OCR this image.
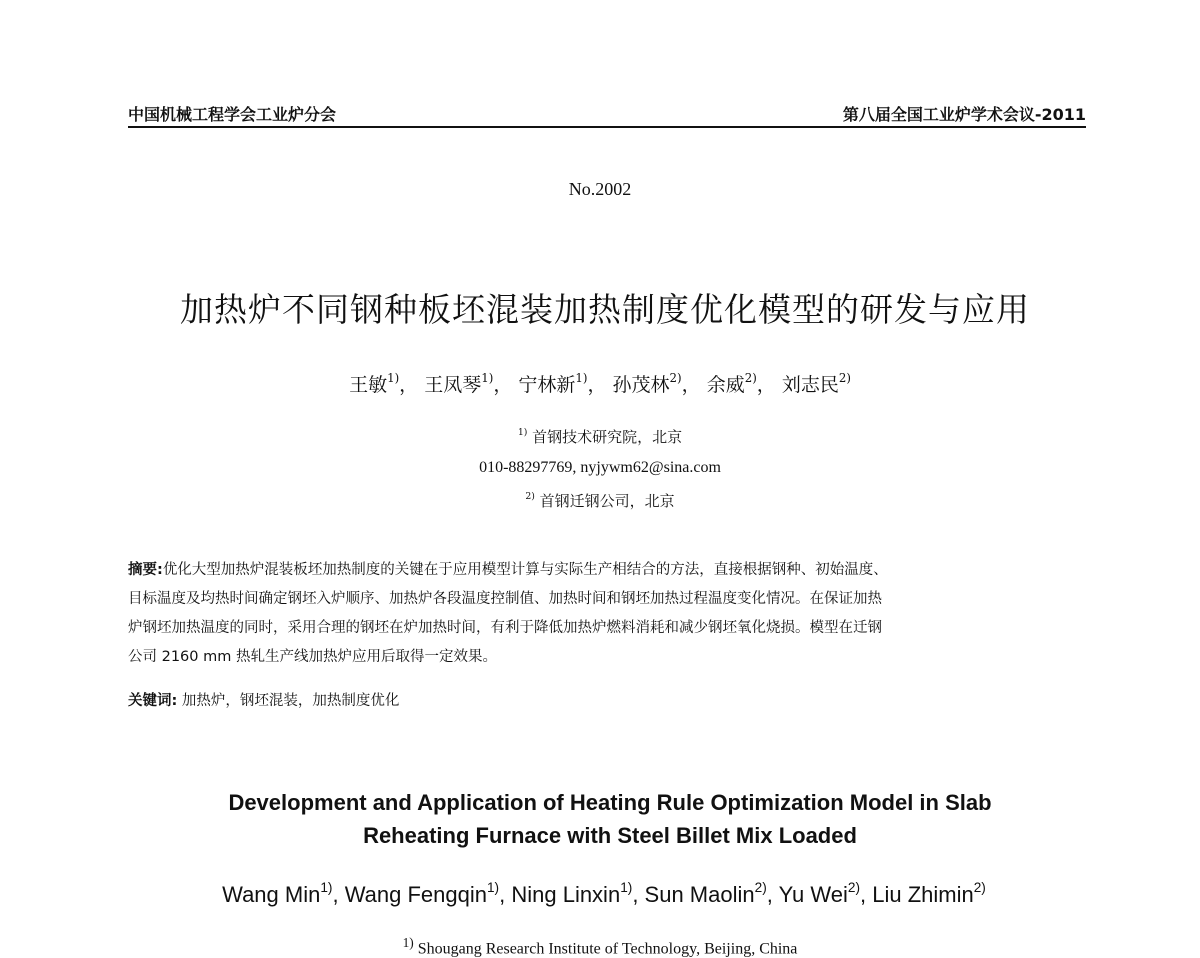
中国机械工程学会工业炉分会	第八届全国工业炉学术会议-2011
No.2002
加热炉不同钢种板坯混装加热制度优化模型的研发与应用
王敏$^{1)}$， 王凤琴$^{1)}$， 宁林新$^{1)}$， 孙茂林$^{2)}$， 余威$^{2)}$， 刘志民$^{2)}$
$^{1)}$ 首钢技术研究院，北京
010-88297769, nyjywm62@sina.com
$^{2)}$ 首钢迁钢公司，北京
摘要:优化大型加热炉混装板坯加热制度的关键在于应用模型计算与实际生产相结合的方法，直接根据钢种、初始温度、
目标温度及均热时间确定钢坯入炉顺序、加热炉各段温度控制值、加热时间和钢坯加热过程温度变化情况。在保证加热
炉钢坯加热温度的同时，采用合理的钢坯在炉加热时间，有利于降低加热炉燃料消耗和减少钢坯氧化烧损。模型在迁钢
公司 2160 mm 热轧生产线加热炉应用后取得一定效果。
关键词: 加热炉，钢坯混装，加热制度优化
Development and Application of Heating Rule Optimization Model in Slab
Reheating Furnace with Steel Billet Mix Loaded
Wang Min$^{1)}$, Wang Fengqin$^{1)}$, Ning Linxin$^{1)}$, Sun Maolin$^{2)}$, Yu Wei$^{2)}$, Liu Zhimin$^{2)}$
$^{1)}$ Shougang Research Institute of Technology, Beijing, China
